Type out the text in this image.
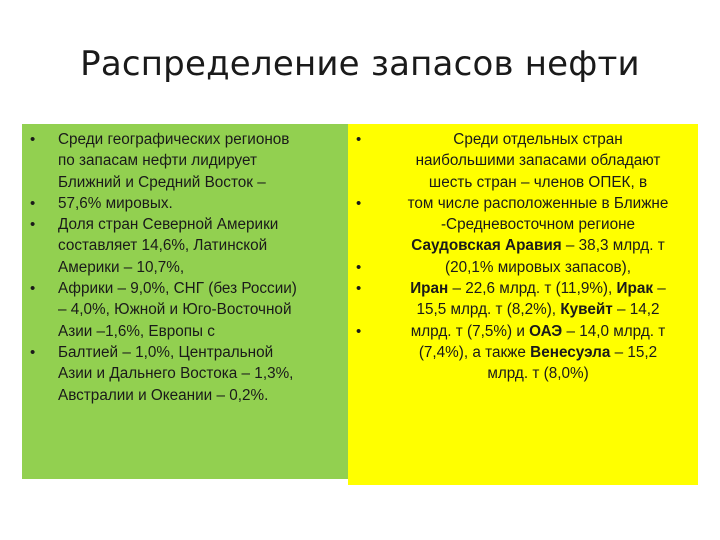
Распределение запасов нефти
• Среди географических регионов
по запасам нефти лидирует
Ближний и Средний Восток –
• 57,6% мировых.
• Доля стран Северной Америки
составляет 14,6%, Латинской
Америки – 10,7%,
• Африки – 9,0%, СНГ (без России)
– 4,0%, Южной и Юго-Восточной
Азии –1,6%, Европы с
• Балтией – 1,0%, Центральной
Азии и Дальнего Востока – 1,3%,
Австралии и Океании – 0,2%.
•	Среди отдельных стран
наибольшими запасами обладают
шесть стран – членов ОПЕК, в
•	том числе расположенные в Ближне
-Средневосточном регионе
Саудовская Аравия – 38,3 млрд. т
•	(20,1% мировых запасов),
•	Иран – 22,6 млрд. т (11,9%), Ирак –
15,5 млрд. т (8,2%), Кувейт – 14,2
•	млрд. т (7,5%) и ОАЭ – 14,0 млрд. т
(7,4%), а также Венесуэла – 15,2
млрд. т (8,0%)
